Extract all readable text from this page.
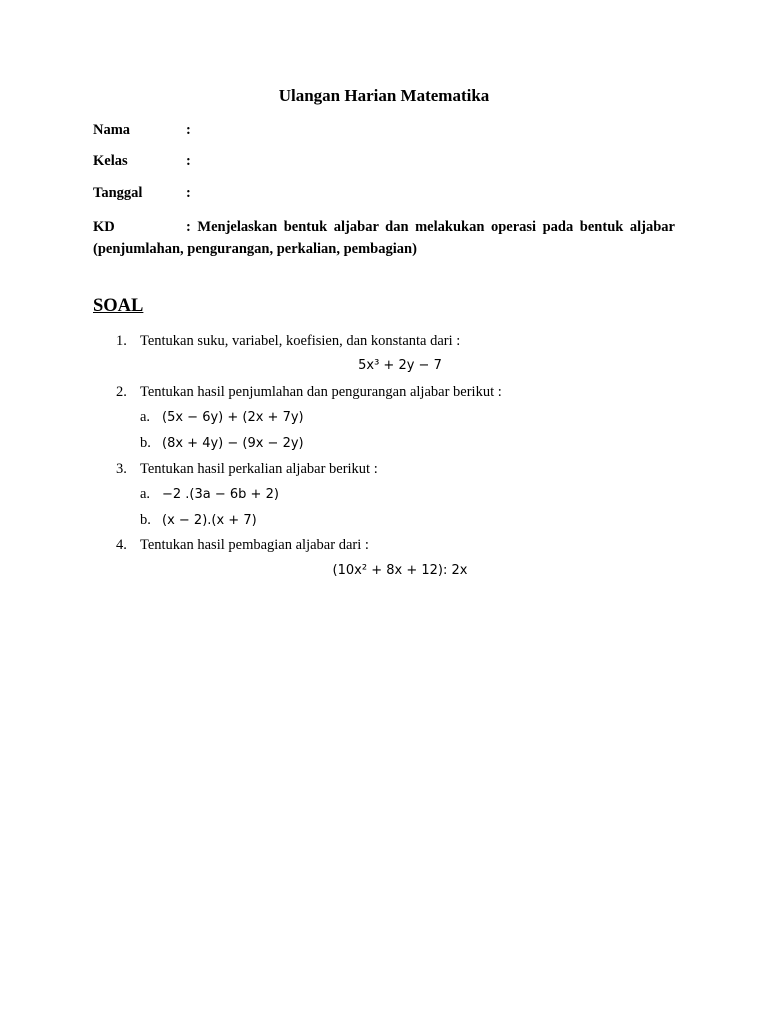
Ulangan Harian Matematika
Nama	:
Kelas	:
Tanggal	:
KD	: Menjelaskan bentuk aljabar dan melakukan operasi pada bentuk aljabar (penjumlahan, pengurangan, perkalian, pembagian)
SOAL
1. Tentukan suku, variabel, koefisien, dan konstanta dari :
5x³ + 2y − 7
2. Tentukan hasil penjumlahan dan pengurangan aljabar berikut :
a. (5x − 6y) + (2x + 7y)
b. (8x + 4y) − (9x − 2y)
3. Tentukan hasil perkalian aljabar berikut :
a. −2 .(3a − 6b + 2)
b. (x − 2).(x + 7)
4. Tentukan hasil pembagian aljabar dari :
(10x² + 8x + 12): 2x
